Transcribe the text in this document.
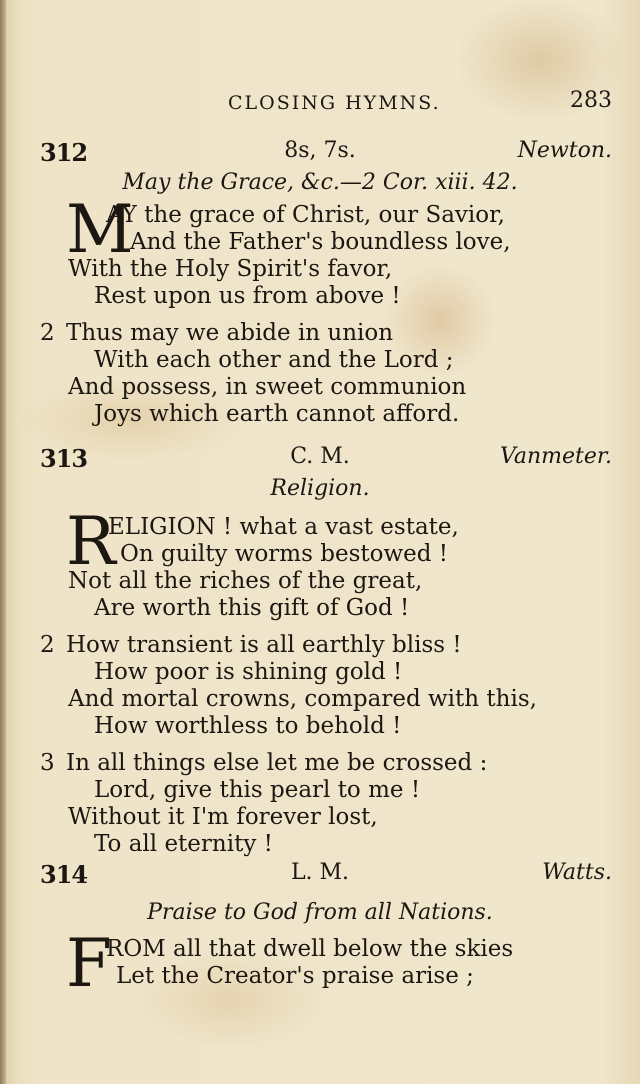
CLOSING HYMNS.	283
312	8s, 7s.	Newton.
May the Grace, &c.—2 Cor. xiii. 42.
M
AY the grace of Christ, our Savior,
And the Father's boundless love,
With the Holy Spirit's favor,
Rest upon us from above !
2 Thus may we abide in union
With each other and the Lord ;
And possess, in sweet communion
Joys which earth cannot afford.
313	C. M.	Vanmeter.
Religion.
R
ELIGION ! what a vast estate,
On guilty worms bestowed !
Not all the riches of the great,
Are worth this gift of God !
2 How transient is all earthly bliss !
How poor is shining gold !
And mortal crowns, compared with this,
How worthless to behold !
3 In all things else let me be crossed :
Lord, give this pearl to me !
Without it I'm forever lost,
To all eternity !
314	L. M.	Watts.
Praise to God from all Nations.
F
ROM all that dwell below the skies
Let the Creator's praise arise ;
